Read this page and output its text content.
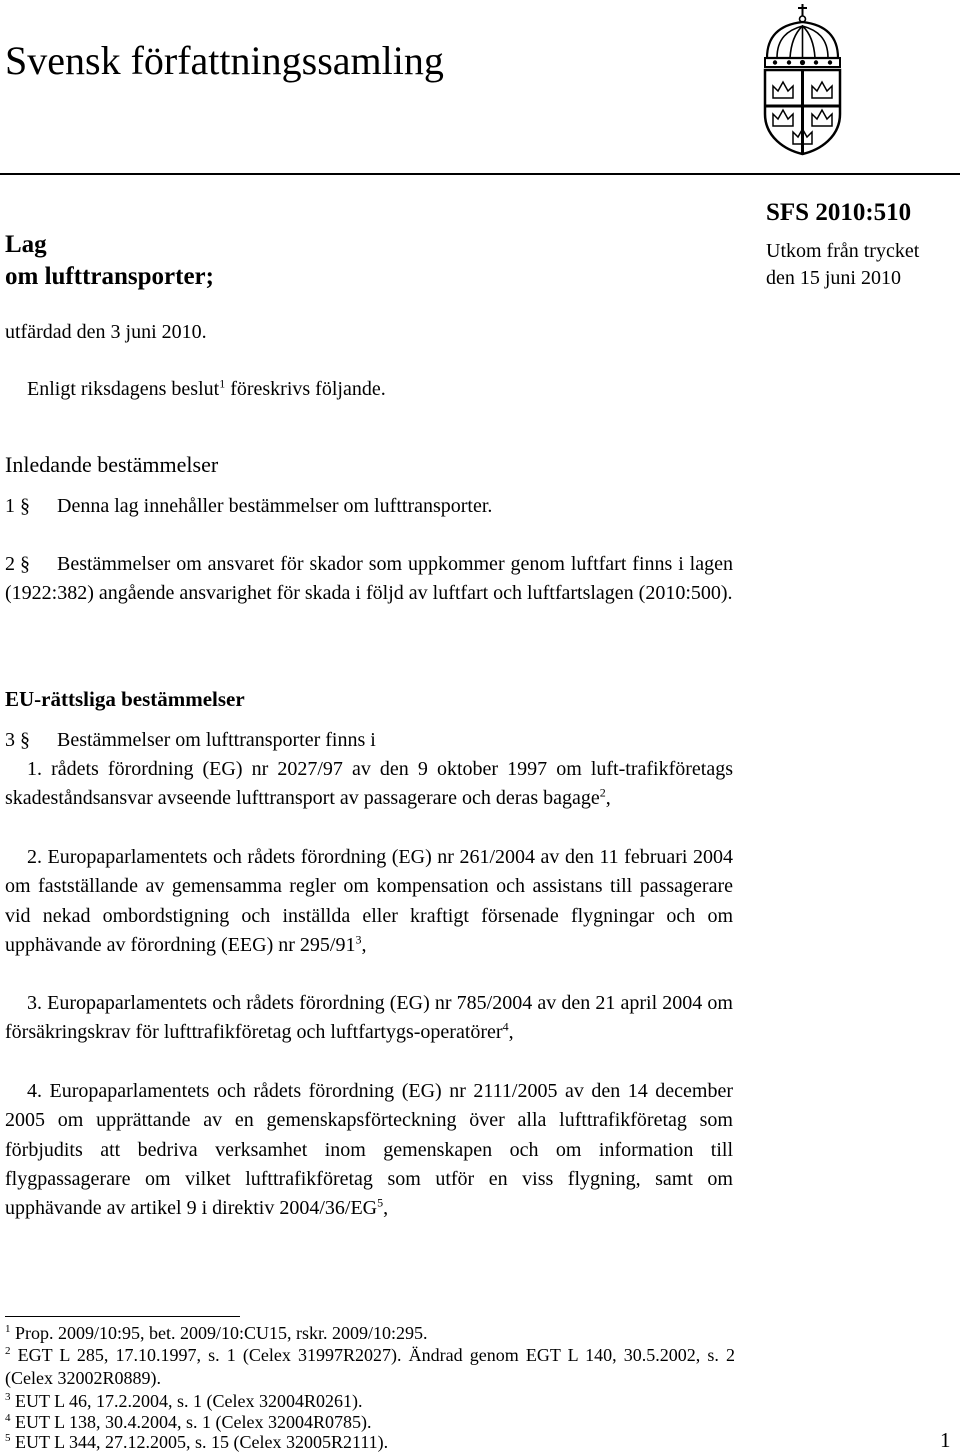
Svensk författningssamling
SFS 2010:510
Utkom från trycket
den 15 juni 2010
Lag
om lufttransporter;
utfärdad den 3 juni 2010.
Enligt riksdagens beslut$^1$ föreskrivs följande.
Inledande bestämmelser
1 § Denna lag innehåller bestämmelser om lufttransporter.
2 § Bestämmelser om ansvaret för skador som uppkommer genom luftfart finns i lagen (1922:382) angående ansvarighet för skada i följd av luftfart och luftfartslagen (2010:500).
EU-rättsliga bestämmelser
3 § Bestämmelser om lufttransporter finns i
1. rådets förordning (EG) nr 2027/97 av den 9 oktober 1997 om luft-trafikföretags skadeståndsansvar avseende lufttransport av passagerare och deras bagage$^2$,
2. Europaparlamentets och rådets förordning (EG) nr 261/2004 av den 11 februari 2004 om fastställande av gemensamma regler om kompensation och assistans till passagerare vid nekad ombordstigning och inställda eller kraftigt försenade flygningar och om upphävande av förordning (EEG) nr $295/91^3$,
3. Europaparlamentets och rådets förordning (EG) nr 785/2004 av den 21 april 2004 om försäkringskrav för lufttrafikföretag och luftfartygs-operatörer$^4$,
4. Europaparlamentets och rådets förordning (EG) nr 2111/2005 av den 14 december 2005 om upprättande av en gemenskapsförteckning över alla lufttrafikföretag som förbjudits att bedriva verksamhet inom gemenskapen och om information till flygpassagerare om vilket lufttrafikföretag som utför en viss flygning, samt om upphävande av artikel 9 i direktiv $2004/36/EG^5$,
$^1$ Prop. 2009/10:95, bet. 2009/10:CU15, rskr. 2009/10:295.
$^2$ EGT L 285, 17.10.1997, s. 1 (Celex 31997R2027). Ändrad genom EGT L 140, 30.5.2002, s. 2 (Celex 32002R0889).
$^3$ EUT L 46, 17.2.2004, s. 1 (Celex 32004R0261).
$^4$ EUT L 138, 30.4.2004, s. 1 (Celex 32004R0785).
$^5$ EUT L 344, 27.12.2005, s. 15 (Celex 32005R2111).	1
